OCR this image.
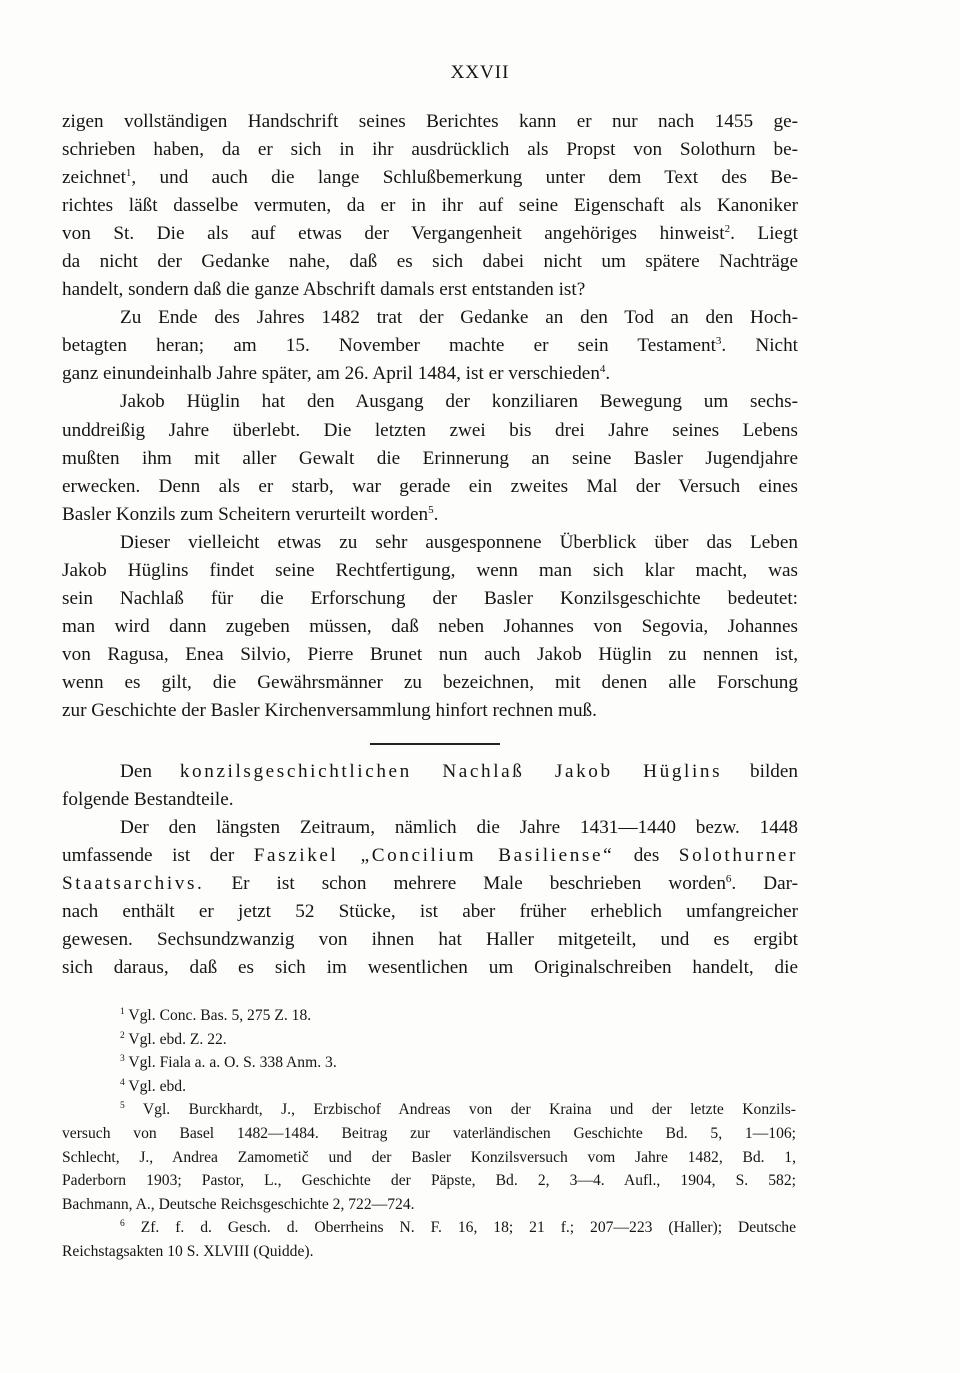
XXVII
zigen vollständigen Handschrift seines Berichtes kann er nur nach 1455 ge-
schrieben haben, da er sich in ihr ausdrücklich als Propst von Solothurn be-
zeichnet$^1$, und auch die lange Schlußbemerkung unter dem Text des Be-
richtes läßt dasselbe vermuten, da er in ihr auf seine Eigenschaft als Kanoniker
von St. Die als auf etwas der Vergangenheit angehöriges hinweist$^2$. Liegt
da nicht der Gedanke nahe, daß es sich dabei nicht um spätere Nachträge
handelt, sondern daß die ganze Abschrift damals erst entstanden ist?
Zu Ende des Jahres 1482 trat der Gedanke an den Tod an den Hoch-
betagten heran; am 15. November machte er sein Testament$^3$. Nicht
ganz einundeinhalb Jahre später, am 26. April 1484, ist er verschieden$^4$.
Jakob Hüglin hat den Ausgang der konziliaren Bewegung um sechs-
unddreißig Jahre überlebt. Die letzten zwei bis drei Jahre seines Lebens
mußten ihm mit aller Gewalt die Erinnerung an seine Basler Jugendjahre
erwecken. Denn als er starb, war gerade ein zweites Mal der Versuch eines
Basler Konzils zum Scheitern verurteilt worden$^5$.
Dieser vielleicht etwas zu sehr ausgesponnene Überblick über das Leben
Jakob Hüglins findet seine Rechtfertigung, wenn man sich klar macht, was
sein Nachlaß für die Erforschung der Basler Konzilsgeschichte bedeutet:
man wird dann zugeben müssen, daß neben Johannes von Segovia, Johannes
von Ragusa, Enea Silvio, Pierre Brunet nun auch Jakob Hüglin zu nennen ist,
wenn es gilt, die Gewährsmänner zu bezeichnen, mit denen alle Forschung
zur Geschichte der Basler Kirchenversammlung hinfort rechnen muß.
Den konzilsgeschichtlichen Nachlaß Jakob Hüglins bilden
folgende Bestandteile.
Der den längsten Zeitraum, nämlich die Jahre 1431—1440 bezw. 1448
umfassende ist der Faszikel „Concilium Basiliense“ des Solothurner
Staatsarchivs. Er ist schon mehrere Male beschrieben worden$^6$. Dar-
nach enthält er jetzt 52 Stücke, ist aber früher erheblich umfangreicher
gewesen. Sechsundzwanzig von ihnen hat Haller mitgeteilt, und es ergibt
sich daraus, daß es sich im wesentlichen um Originalschreiben handelt, die
$^1$ Vgl. Conc. Bas. 5, 275 Z. 18.
$^2$ Vgl. ebd. Z. 22.
$^3$ Vgl. Fiala a. a. O. S. 338 Anm. 3.
$^4$ Vgl. ebd.
$^5$ Vgl. Burckhardt, J., Erzbischof Andreas von der Kraina und der letzte Konzils-
versuch von Basel 1482—1484. Beitrag zur vaterländischen Geschichte Bd. 5, 1—106;
Schlecht, J., Andrea Zamometič und der Basler Konzilsversuch vom Jahre 1482, Bd. 1,
Paderborn 1903; Pastor, L., Geschichte der Päpste, Bd. 2, 3—4. Aufl., 1904, S. 582;
Bachmann, A., Deutsche Reichsgeschichte 2, 722—724.
$^6$ Zf. f. d. Gesch. d. Oberrheins N. F. 16, 18; 21 f.; 207—223 (Haller); Deutsche
Reichstagsakten 10 S. XLVIII (Quidde).
